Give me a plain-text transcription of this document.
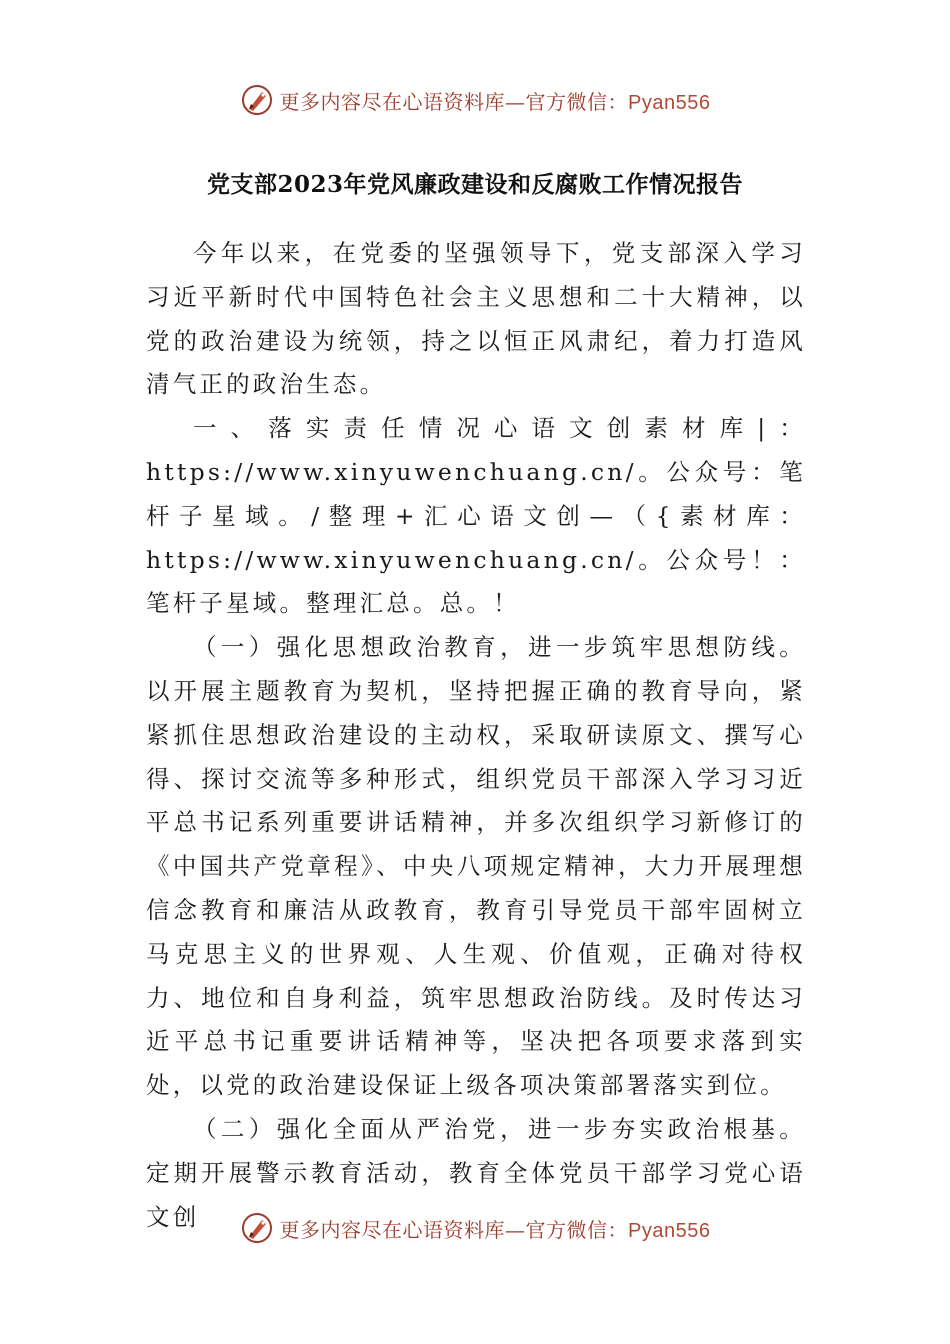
更多内容尽在心语资料库—官方微信：Pyan556
党支部2023年党风廉政建设和反腐败工作情况报告

今年以来，在党委的坚强领导下，党支部深入学习习近平新时代中国特色社会主义思想和二十大精神，以党的政治建设为统领，持之以恒正风肃纪，着力打造风清气正的政治生态。

一、落实责任情况心语文创素材库|：https://www.xinyuwenchuang.cn/。公众号：笔杆子星域。/整理+汇心语文创—（{素材库：https://www.xinyuwenchuang.cn/。公众号！：笔杆子星域。整理汇总。总。！

（一）强化思想政治教育，进一步筑牢思想防线。以开展主题教育为契机，坚持把握正确的教育导向，紧紧抓住思想政治建设的主动权，采取研读原文、撰写心得、探讨交流等多种形式，组织党员干部深入学习习近平总书记系列重要讲话精神，并多次组织学习新修订的《中国共产党章程》、中央八项规定精神，大力开展理想信念教育和廉洁从政教育，教育引导党员干部牢固树立马克思主义的世界观、人生观、价值观，正确对待权力、地位和自身利益，筑牢思想政治防线。及时传达习近平总书记重要讲话精神等，坚决把各项要求落到实处，以党的政治建设保证上级各项决策部署落实到位。

（二）强化全面从严治党，进一步夯实政治根基。定期开展警示教育活动，教育全体党员干部学习党心语文创	更多内容尽在心语资料库—官方微信：Pyan556
